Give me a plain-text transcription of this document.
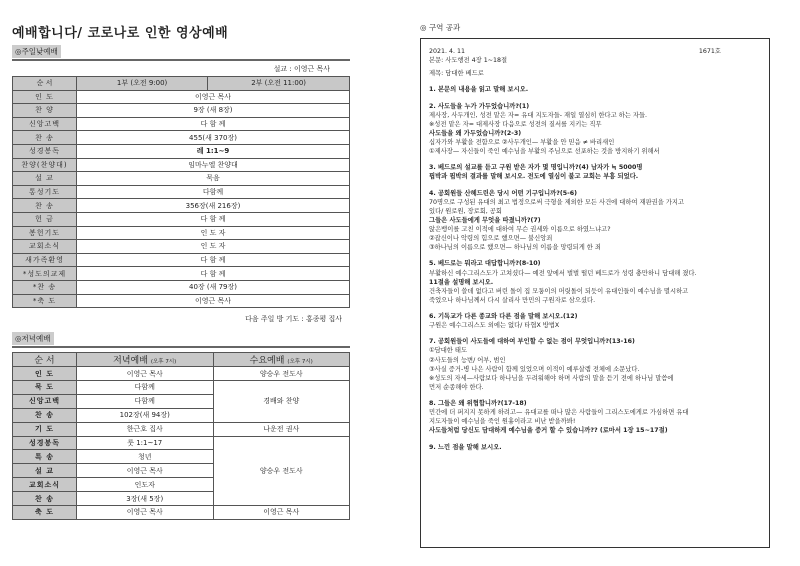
예배합니다/ 코로나로 인한 영상예배
◎주일낮예배
설교 : 이영근 목사
순 서	1부 (오전 9:00)	2부 (오전 11:00)
인 도	이영근 목사	
찬 양	9장 (새 8장)	
신앙고백	다 함 께	
찬 송	455(새 370장)	
성경봉독	레 1:1~9	
찬양(찬양대)	임마누엘 찬양대	
설 교	묵음	
통성기도	다함께	
찬 송	356장(새 216장)	
헌 금	다 함 께	
봉헌기도	인 도 자	
교회소식	인 도 자	
새가족환영	다 함 께	
*성도의교제	다 함 께	
*찬 송	40장 (새 79장)	
*축 도	이영근 목사	
다음 주일 방 기도 : 홍종평 집사
◎저녁예배
순 서	저녁예배 (오후 7시)	수요예배 (오후 7시)
인 도	이영근 목사	양승우 전도사
묵 도	다함께	경배와 찬양
신앙고백	다함께	
찬 송	102장(새 94장)	
기 도	한근호 집사	나운전 권사
성경봉독	룻 1:1~17	양승우 전도사
특 송	청년	
설 교	이영근 목사	
교회소식	인도자	
찬 송	3장(새 5장)	
축 도	이영근 목사	이영근 목사
◎ 구역 공과
2021. 4. 11	1671호
본문: 사도행전 4장 1~18절
제목: 담대한 베드로
1. 본문의 내용을 읽고 말해 보시오.
2. 사도들을 누가 가두었습니까?(1)
제사장, 사두개인, 성전 맡은 자= 유대 지도자들- 재일 열심히 한다고 하는 자들.
※성전 맡은 자= 대제사장 다음으로 성전의 질서를 지키는 직무
사도들을 왜 가두었습니까?(2-3)
십자가와 부활을 전함으로 ②사두개인— 부활을 안 믿음 ≠ 바리새인
①제사장— 자신들이 죽인 예수님을 부활의 주님으로 선포하는 것을 방지하기 위해서
3. 베드로의 설교를 듣고 구원 받은 자가 몇 명입니까?(4) 남자가 ≒ 5000명
핍박과 핍박의 결과를 말해 보시오. 전도에 열심이 불고 교회는 부흥 되었다.
4. 공회원들 산헤드린은 당시 어떤 기구입니까?(5-6)
70명으로 구성된 유대의 최고 법정으로써 극형을 제외한 모든 사건에 대하여 재판권을 가지고
있다/ 원로원, 장로회, 공회
그들은 사도들에게 무엇을 따졌니까?(7)
앉은뱅이를 고친 이적에 대하여 무슨 권세와 이름으로 하였느냐고?
②잡신이나 악령의 힘으로 했으면— 불신앙죄
③하나님의 이름으로 했으면— 하나님의 이름을 망령되게 한 죄
5. 베드로는 뭐라고 대답합니까?(8-10)
부활하신 예수그리스도가 고쳐셨다— 예전 앞에서 벌벌 떨던 베드로가 성령 충만하니 담대해 졌다.
11절을 설명해 보시오.
건축자들이 쓸데 없다고 버린 돌이 집 모퉁이의 머릿돌이 되듯이 유대인들이 예수님을 멸시하고
죽었으나 하나님께서 다시 살리사 만민의 구원자로 삼으셨다.
6. 기독교가 다른 종교와 다른 점을 말해 보시오.(12)
구원은 예수그리스도 외에는 없다/ 타협X 방법X
7. 공회원들이 사도들에 대하여 부인할 수 없는 점이 무엇입니까?(13-16)
①담대한 태도
②사도들의 능변/ 어부, 범인
③사실 증거-병 나은 사람이 함께 있었으며 이적이 예루살렘 전체에 소문났다.
※성도의 자세—사람보다 하나님을 두려워해야 하며 사람의 말을 듣기 전에 하나님 말씀에
먼저 순종해야 한다.
8. 그들은 왜 위협합니까?(17-18)
민간에 더 퍼지지 못하게 하려고— 유대교를 떠나 많은 사람들이 그리스도에게로 가심하면 유대
지도자들이 예수님을 죽인 원흉이라고 비난 받을까봐!
사도들처럼 당신도 담대하게 예수님을 증거 할 수 있습니까?? (로마서 1장 15~17절)
9. 느낀 점을 말해 보시오.
